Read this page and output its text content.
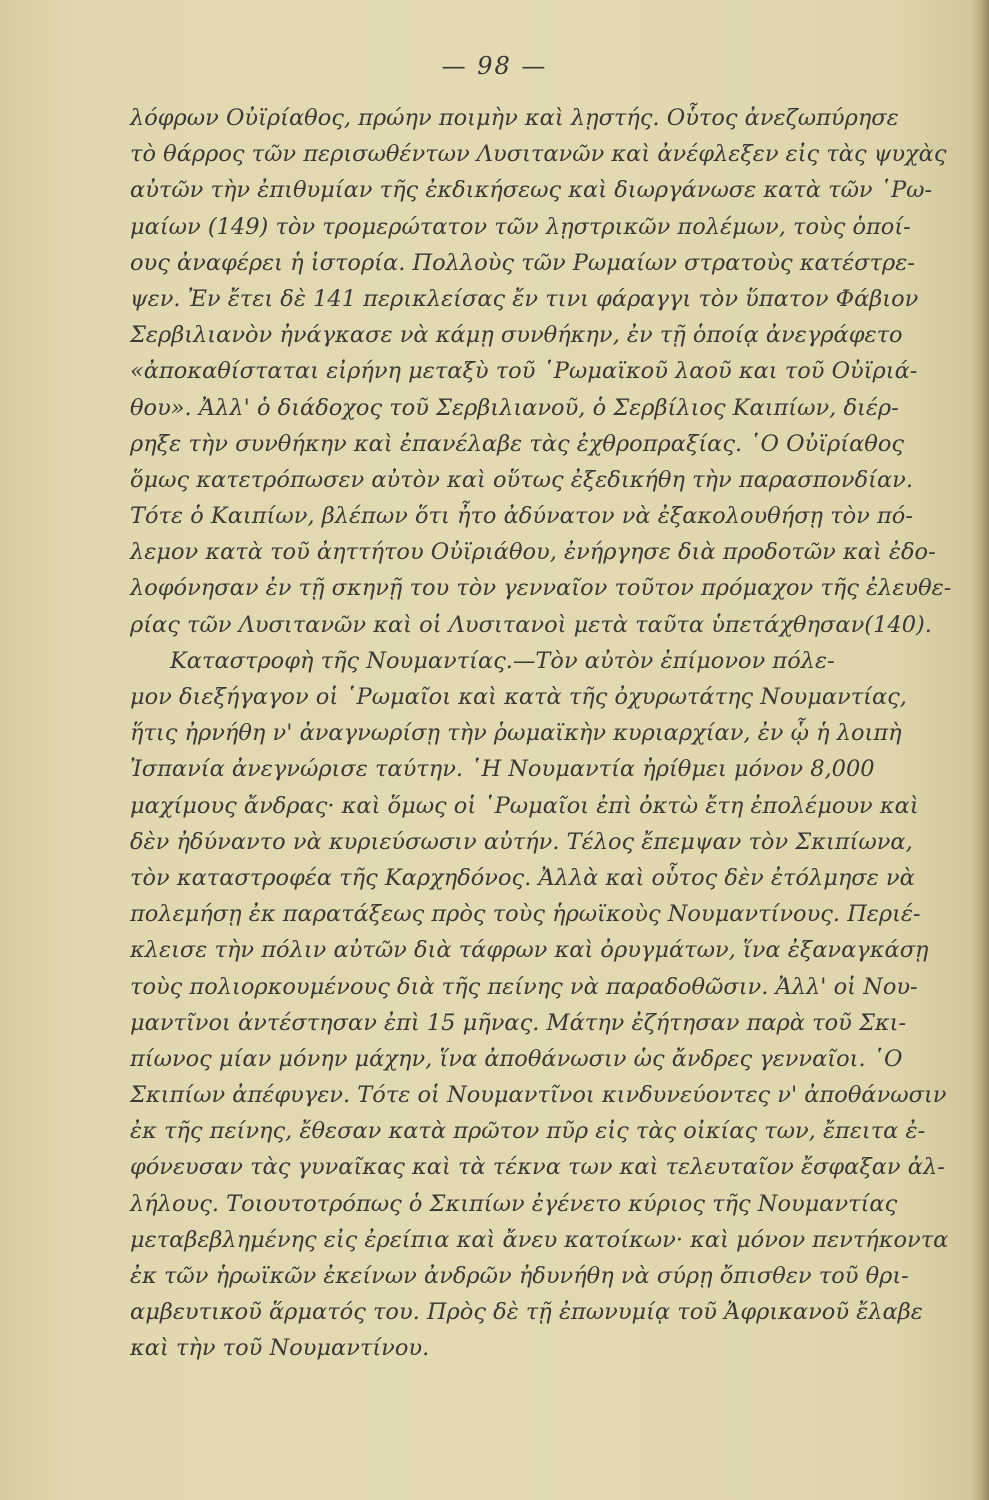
— 98 —
λόφρων Οὐϊρίαθος, πρώην ποιμὴν καὶ λῃστής. Οὗτος ἀνεζωπύρησε
τὸ θάρρος τῶν περισωθέντων Λυσιτανῶν καὶ ἀνέφλεξεν εἰς τὰς ψυχὰς
αὐτῶν τὴν ἐπιθυμίαν τῆς ἐκδικήσεως καὶ διωργάνωσε κατὰ τῶν ῾Ρω-
μαίων (149) τὸν τρομερώτατον τῶν λῃστρικῶν πολέμων, τοὺς ὁποί-
ους ἀναφέρει ἡ ἱστορία. Πολλοὺς τῶν Ρωμαίων στρατοὺς κατέστρε-
ψεν. Ἐν ἔτει δὲ 141 περικλείσας ἔν τινι φάραγγι τὸν ὕπατον Φάβιον
Σερβιλιανὸν ἠνάγκασε νὰ κάμῃ συνθήκην, ἐν τῇ ὁποίᾳ ἀνεγράφετο
«ἀποκαθίσταται εἰρήνη μεταξὺ τοῦ ῾Ρωμαϊκοῦ λαοῦ και τοῦ Οὐϊριά-
θου». Ἀλλ' ὁ διάδοχος τοῦ Σερβιλιανοῦ, ὁ Σερβίλιος Καιπίων, διέρ-
ρηξε τὴν συνθήκην καὶ ἐπανέλαβε τὰς ἐχθροπραξίας. ῾Ο Οὐϊρίαθος
ὅμως κατετρόπωσεν αὐτὸν καὶ οὕτως ἐξεδικήθη τὴν παρασπονδίαν.
Τότε ὁ Καιπίων, βλέπων ὅτι ἦτο ἀδύνατον νὰ ἐξακολουθήσῃ τὸν πό-
λεμον κατὰ τοῦ ἀηττήτου Οὐϊριάθου, ἐνήργησε διὰ προδοτῶν καὶ ἐδο-
λοφόνησαν ἐν τῇ σκηνῇ του τὸν γενναῖον τοῦτον πρόμαχον τῆς ἐλευθε-
ρίας τῶν Λυσιτανῶν καὶ οἱ Λυσιτανοὶ μετὰ ταῦτα ὑπετάχθησαν(140).
Καταστροφὴ τῆς Νουμαντίας.—Τὸν αὐτὸν ἐπίμονον πόλε-
μον διεξήγαγον οἱ ῾Ρωμαῖοι καὶ κατὰ τῆς ὀχυρωτάτης Νουμαντίας,
ἥτις ἠρνήθη ν' ἀναγνωρίσῃ τὴν ῥωμαϊκὴν κυριαρχίαν, ἐν ᾧ ἡ λοιπὴ
Ἰσπανία ἀνεγνώρισε ταύτην. ῾Η Νουμαντία ἠρίθμει μόνον 8,000
μαχίμους ἄνδρας· καὶ ὅμως οἱ ῾Ρωμαῖοι ἐπὶ ὀκτὼ ἔτη ἐπολέμουν καὶ
δὲν ἠδύναντο νὰ κυριεύσωσιν αὐτήν. Τέλος ἔπεμψαν τὸν Σκιπίωνα,
τὸν καταστροφέα τῆς Καρχηδόνος. Ἀλλὰ καὶ οὗτος δὲν ἐτόλμησε νὰ
πολεμήσῃ ἐκ παρατάξεως πρὸς τοὺς ἡρωϊκοὺς Νουμαντίνους. Περιέ-
κλεισε τὴν πόλιν αὐτῶν διὰ τάφρων καὶ ὀρυγμάτων, ἵνα ἐξαναγκάσῃ
τοὺς πολιορκουμένους διὰ τῆς πείνης νὰ παραδοθῶσιν. Ἀλλ' οἱ Νου-
μαντῖνοι ἀντέστησαν ἐπὶ 15 μῆνας. Μάτην ἐζήτησαν παρὰ τοῦ Σκι-
πίωνος μίαν μόνην μάχην, ἵνα ἀποθάνωσιν ὡς ἄνδρες γενναῖοι. ῾Ο
Σκιπίων ἀπέφυγεν. Τότε οἱ Νουμαντῖνοι κινδυνεύοντες ν' ἀποθάνωσιν
ἐκ τῆς πείνης, ἔθεσαν κατὰ πρῶτον πῦρ εἰς τὰς οἰκίας των, ἔπειτα ἐ-
φόνευσαν τὰς γυναῖκας καὶ τὰ τέκνα των καὶ τελευταῖον ἔσφαξαν ἀλ-
λήλους. Τοιουτοτρόπως ὁ Σκιπίων ἐγένετο κύριος τῆς Νουμαντίας
μεταβεβλημένης εἰς ἐρείπια καὶ ἄνευ κατοίκων· καὶ μόνον πεντήκοντα
ἐκ τῶν ἡρωϊκῶν ἐκείνων ἀνδρῶν ἠδυνήθη νὰ σύρῃ ὄπισθεν τοῦ θρι-
αμβευτικοῦ ἅρματός του. Πρὸς δὲ τῇ ἐπωνυμίᾳ τοῦ Ἀφρικανοῦ ἔλαβε
καὶ τὴν τοῦ Νουμαντίνου.
